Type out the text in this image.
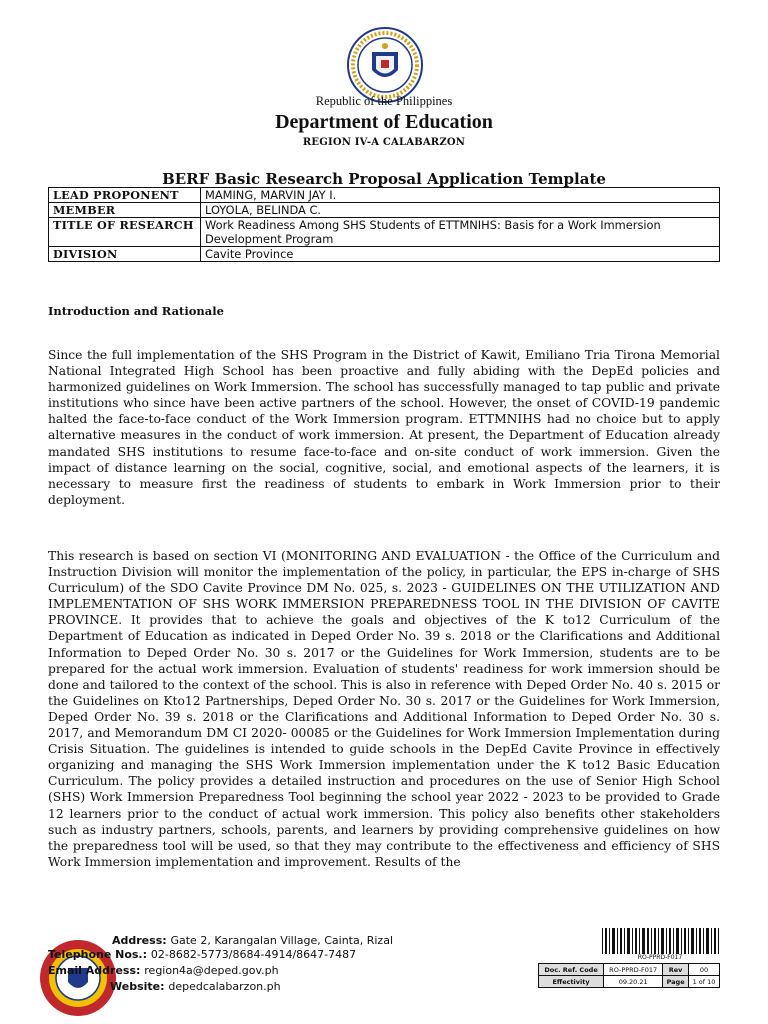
Republic of the Philippines
Department of Education
REGION IV-A CALABARZON
BERF Basic Research Proposal Application Template
LEAD PROPONENT	MAMING, MARVIN JAY I.
MEMBER	LOYOLA, BELINDA C.
TITLE OF RESEARCH	Work Readiness Among SHS Students of ETTMNIHS: Basis for a Work Immersion Development Program
DIVISION	Cavite Province
Introduction and Rationale

Since the full implementation of the SHS Program in the District of Kawit, Emiliano Tria Tirona Memorial National Integrated High School has been proactive and fully abiding with the DepEd policies and harmonized guidelines on Work Immersion. The school has successfully managed to tap public and private institutions who since have been active partners of the school. However, the onset of COVID-19 pandemic halted the face-to-face conduct of the Work Immersion program. ETTMNIHS had no choice but to apply alternative measures in the conduct of work immersion. At present, the Department of Education already mandated SHS institutions to resume face-to-face and on-site conduct of work immersion. Given the impact of distance learning on the social, cognitive, social, and emotional aspects of the learners, it is necessary to measure first the readiness of students to embark in Work Immersion prior to their deployment.

This research is based on section VI (MONITORING AND EVALUATION - the Office of the Curriculum and Instruction Division will monitor the implementation of the policy, in particular, the EPS in-charge of SHS Curriculum) of the SDO Cavite Province DM No. 025, s. 2023 - GUIDELINES ON THE UTILIZATION AND IMPLEMENTATION OF SHS WORK IMMERSION PREPAREDNESS TOOL IN THE DIVISION OF CAVITE PROVINCE. It provides that to achieve the goals and objectives of the K to12 Curriculum of the Department of Education as indicated in Deped Order No. 39 s. 2018 or the Clarifications and Additional Information to Deped Order No. 30 s. 2017 or the Guidelines for Work Immersion, students are to be prepared for the actual work immersion. Evaluation of students' readiness for work immersion should be done and tailored to the context of the school. This is also in reference with Deped Order No. 40 s. 2015 or the Guidelines on Kto12 Partnerships, Deped Order No. 30 s. 2017 or the Guidelines for Work Immersion, Deped Order No. 39 s. 2018 or the Clarifications and Additional Information to Deped Order No. 30 s. 2017, and Memorandum DM CI 2020- 00085 or the Guidelines for Work Immersion Implementation during Crisis Situation. The guidelines is intended to guide schools in the DepEd Cavite Province in effectively organizing and managing the SHS Work Immersion implementation under the K to12 Basic Education Curriculum. The policy provides a detailed instruction and procedures on the use of Senior High School (SHS) Work Immersion Preparedness Tool beginning the school year 2022 - 2023 to be provided to Grade 12 learners prior to the conduct of actual work immersion. This policy also benefits other stakeholders such as industry partners, schools, parents, and learners by providing comprehensive guidelines on how the preparedness tool will be used, so that they may contribute to the effectiveness and efficiency of SHS Work Immersion implementation and improvement. Results of the

Address: Gate 2, Karangalan Village, Cainta, Rizal
Telephone Nos.: 02-8682-5773/8684-4914/8647-7487
Email Address: region4a@deped.gov.ph
Website: depedcalabarzon.ph
RO-PPRD-F017
Doc. Ref. Code	RO-PPRD-F017	Rev	00
Effectivity	09.20.21	Page	1 of 10
